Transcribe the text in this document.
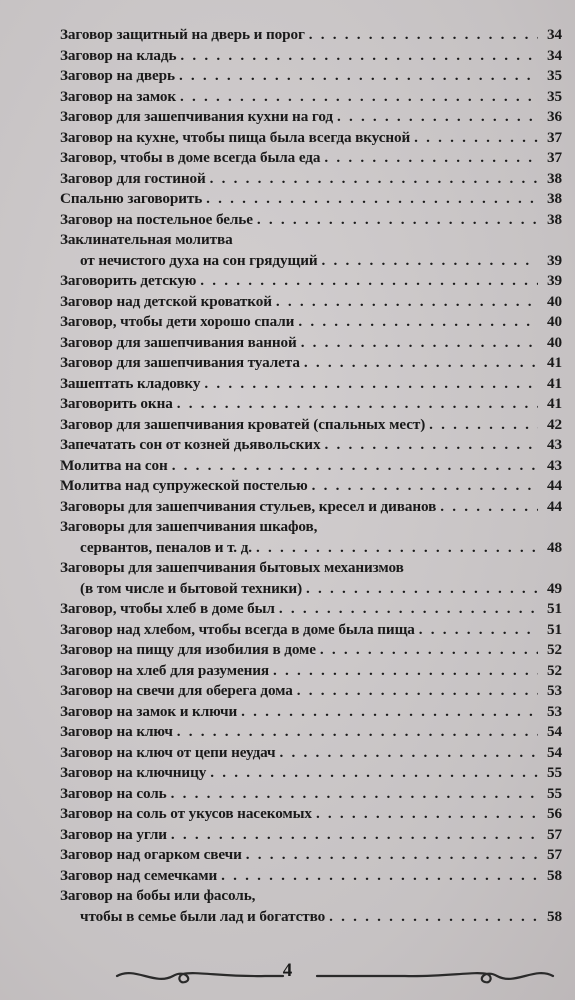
Заговор защитный на дверь и порог . . .	34
Заговор на кладь . . .	34
Заговор на дверь . . .	35
Заговор на замок . . .	35
Заговор для зашепчивания кухни на год . . .	36
Заговор на кухне, чтобы пища была всегда вкусной . . .	37
Заговор, чтобы в доме всегда была еда . . .	37
Заговор для гостиной . . .	38
Спальню заговорить . . .	38
Заговор на постельное белье . . .	38
Заклинательная молитва
от нечистого духа на сон грядущий . . .	39
Заговорить детскую . . .	39
Заговор над детской кроваткой . . .	40
Заговор, чтобы дети хорошо спали . . .	40
Заговор для зашепчивания ванной . . .	40
Заговор для зашепчивания туалета . . .	41
Зашептать кладовку . . .	41
Заговорить окна . . .	41
Заговор для зашепчивания кроватей (спальных мест) . . .	42
Запечатать сон от козней дьявольских . . .	43
Молитва на сон . . .	43
Молитва над супружеской постелью . . .	44
Заговоры для зашепчивания стульев, кресел и диванов . . .	44
Заговоры для зашепчивания шкафов,
сервантов, пеналов и т. д. . . .	48
Заговоры для зашепчивания бытовых механизмов
(в том числе и бытовой техники) . . .	49
Заговор, чтобы хлеб в доме был . . .	51
Заговор над хлебом, чтобы всегда в доме была пища . . .	51
Заговор на пищу для изобилия в доме . . .	52
Заговор на хлеб для разумения . . .	52
Заговор на свечи для оберега дома . . .	53
Заговор на замок и ключи . . .	53
Заговор на ключ . . .	54
Заговор на ключ от цепи неудач . . .	54
Заговор на ключницу . . .	55
Заговор на соль . . .	55
Заговор на соль от укусов насекомых . . .	56
Заговор на угли . . .	57
Заговор над огарком свечи . . .	57
Заговор над семечками . . .	58
Заговор на бобы или фасоль,
чтобы в семье были лад и богатство . . .	58
4
